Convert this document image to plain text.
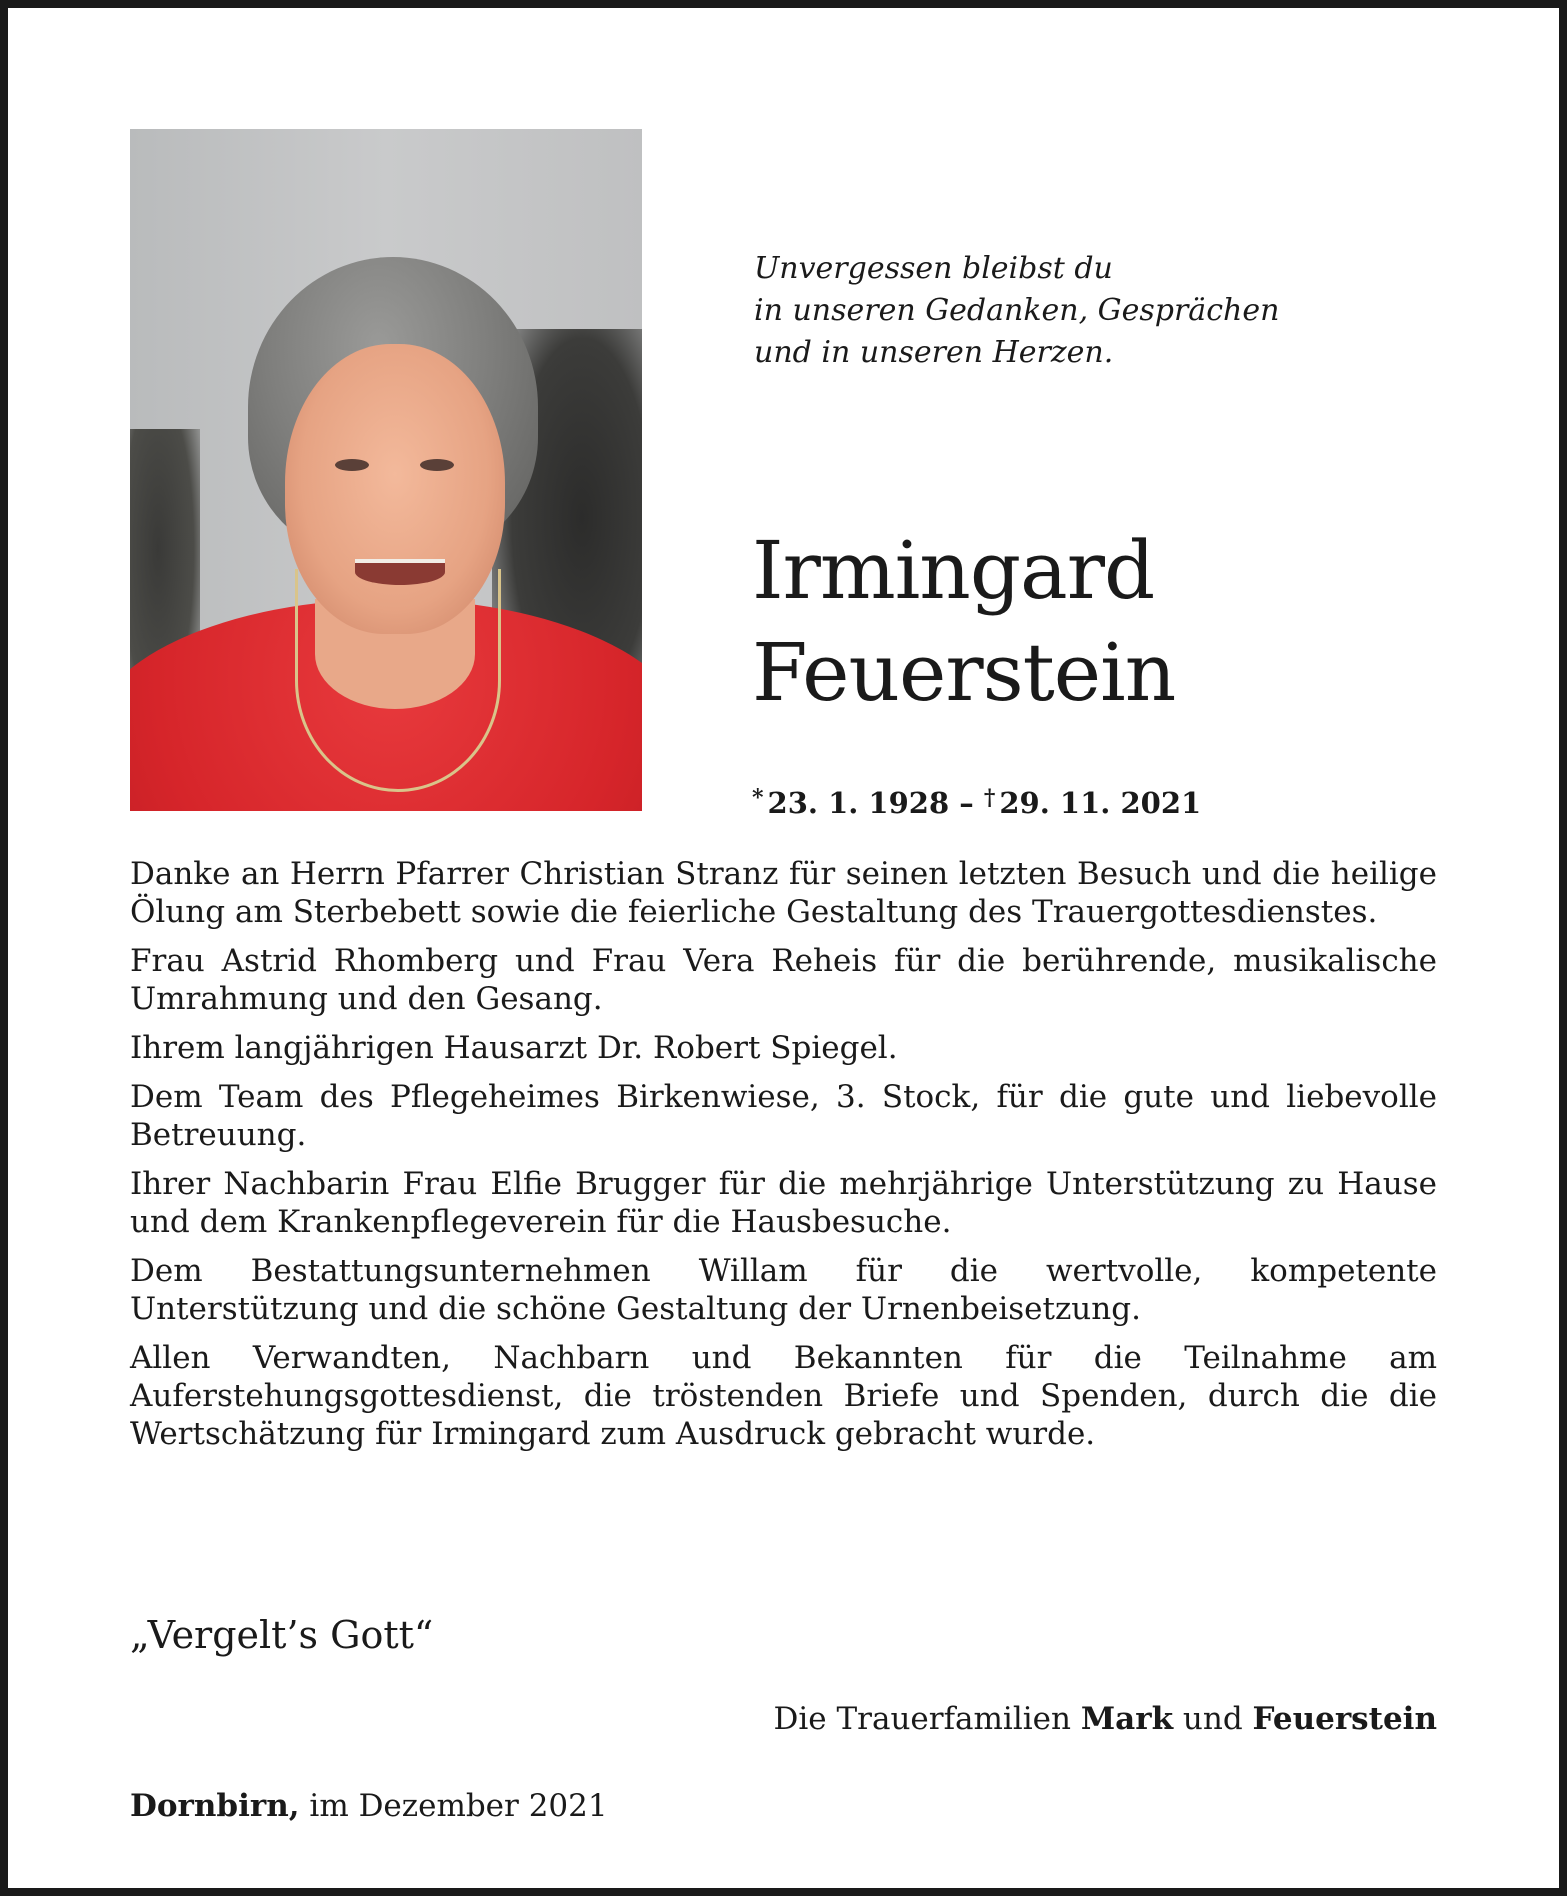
Unvergessen bleibst du
in unseren Gedanken, Gesprächen
und in unseren Herzen.

Irmingard
Feuerstein
* 23. 1. 1928 – † 29. 11. 2021

Danke an Herrn Pfarrer Christian Stranz für seinen letzten Besuch und die heilige Ölung am Sterbebett sowie die feierliche Gestaltung des Trauergottesdienstes.

Frau Astrid Rhomberg und Frau Vera Reheis für die berührende, musikalische Umrahmung und den Gesang.

Ihrem langjährigen Hausarzt Dr. Robert Spiegel.

Dem Team des Pflegeheimes Birkenwiese, 3. Stock, für die gute und liebevolle Betreuung.

Ihrer Nachbarin Frau Elfie Brugger für die mehrjährige Unterstützung zu Hause und dem Krankenpflegeverein für die Hausbesuche.

Dem Bestattungsunternehmen Willam für die wertvolle, kompetente Unterstützung und die schöne Gestaltung der Urnenbeisetzung.

Allen Verwandten, Nachbarn und Bekannten für die Teilnahme am Auferstehungsgottesdienst, die tröstenden Briefe und Spenden, durch die die Wertschätzung für Irmingard zum Ausdruck gebracht wurde.

„Vergelt’s Gott“
Die Trauerfamilien Mark und Feuerstein
Dornbirn, im Dezember 2021
